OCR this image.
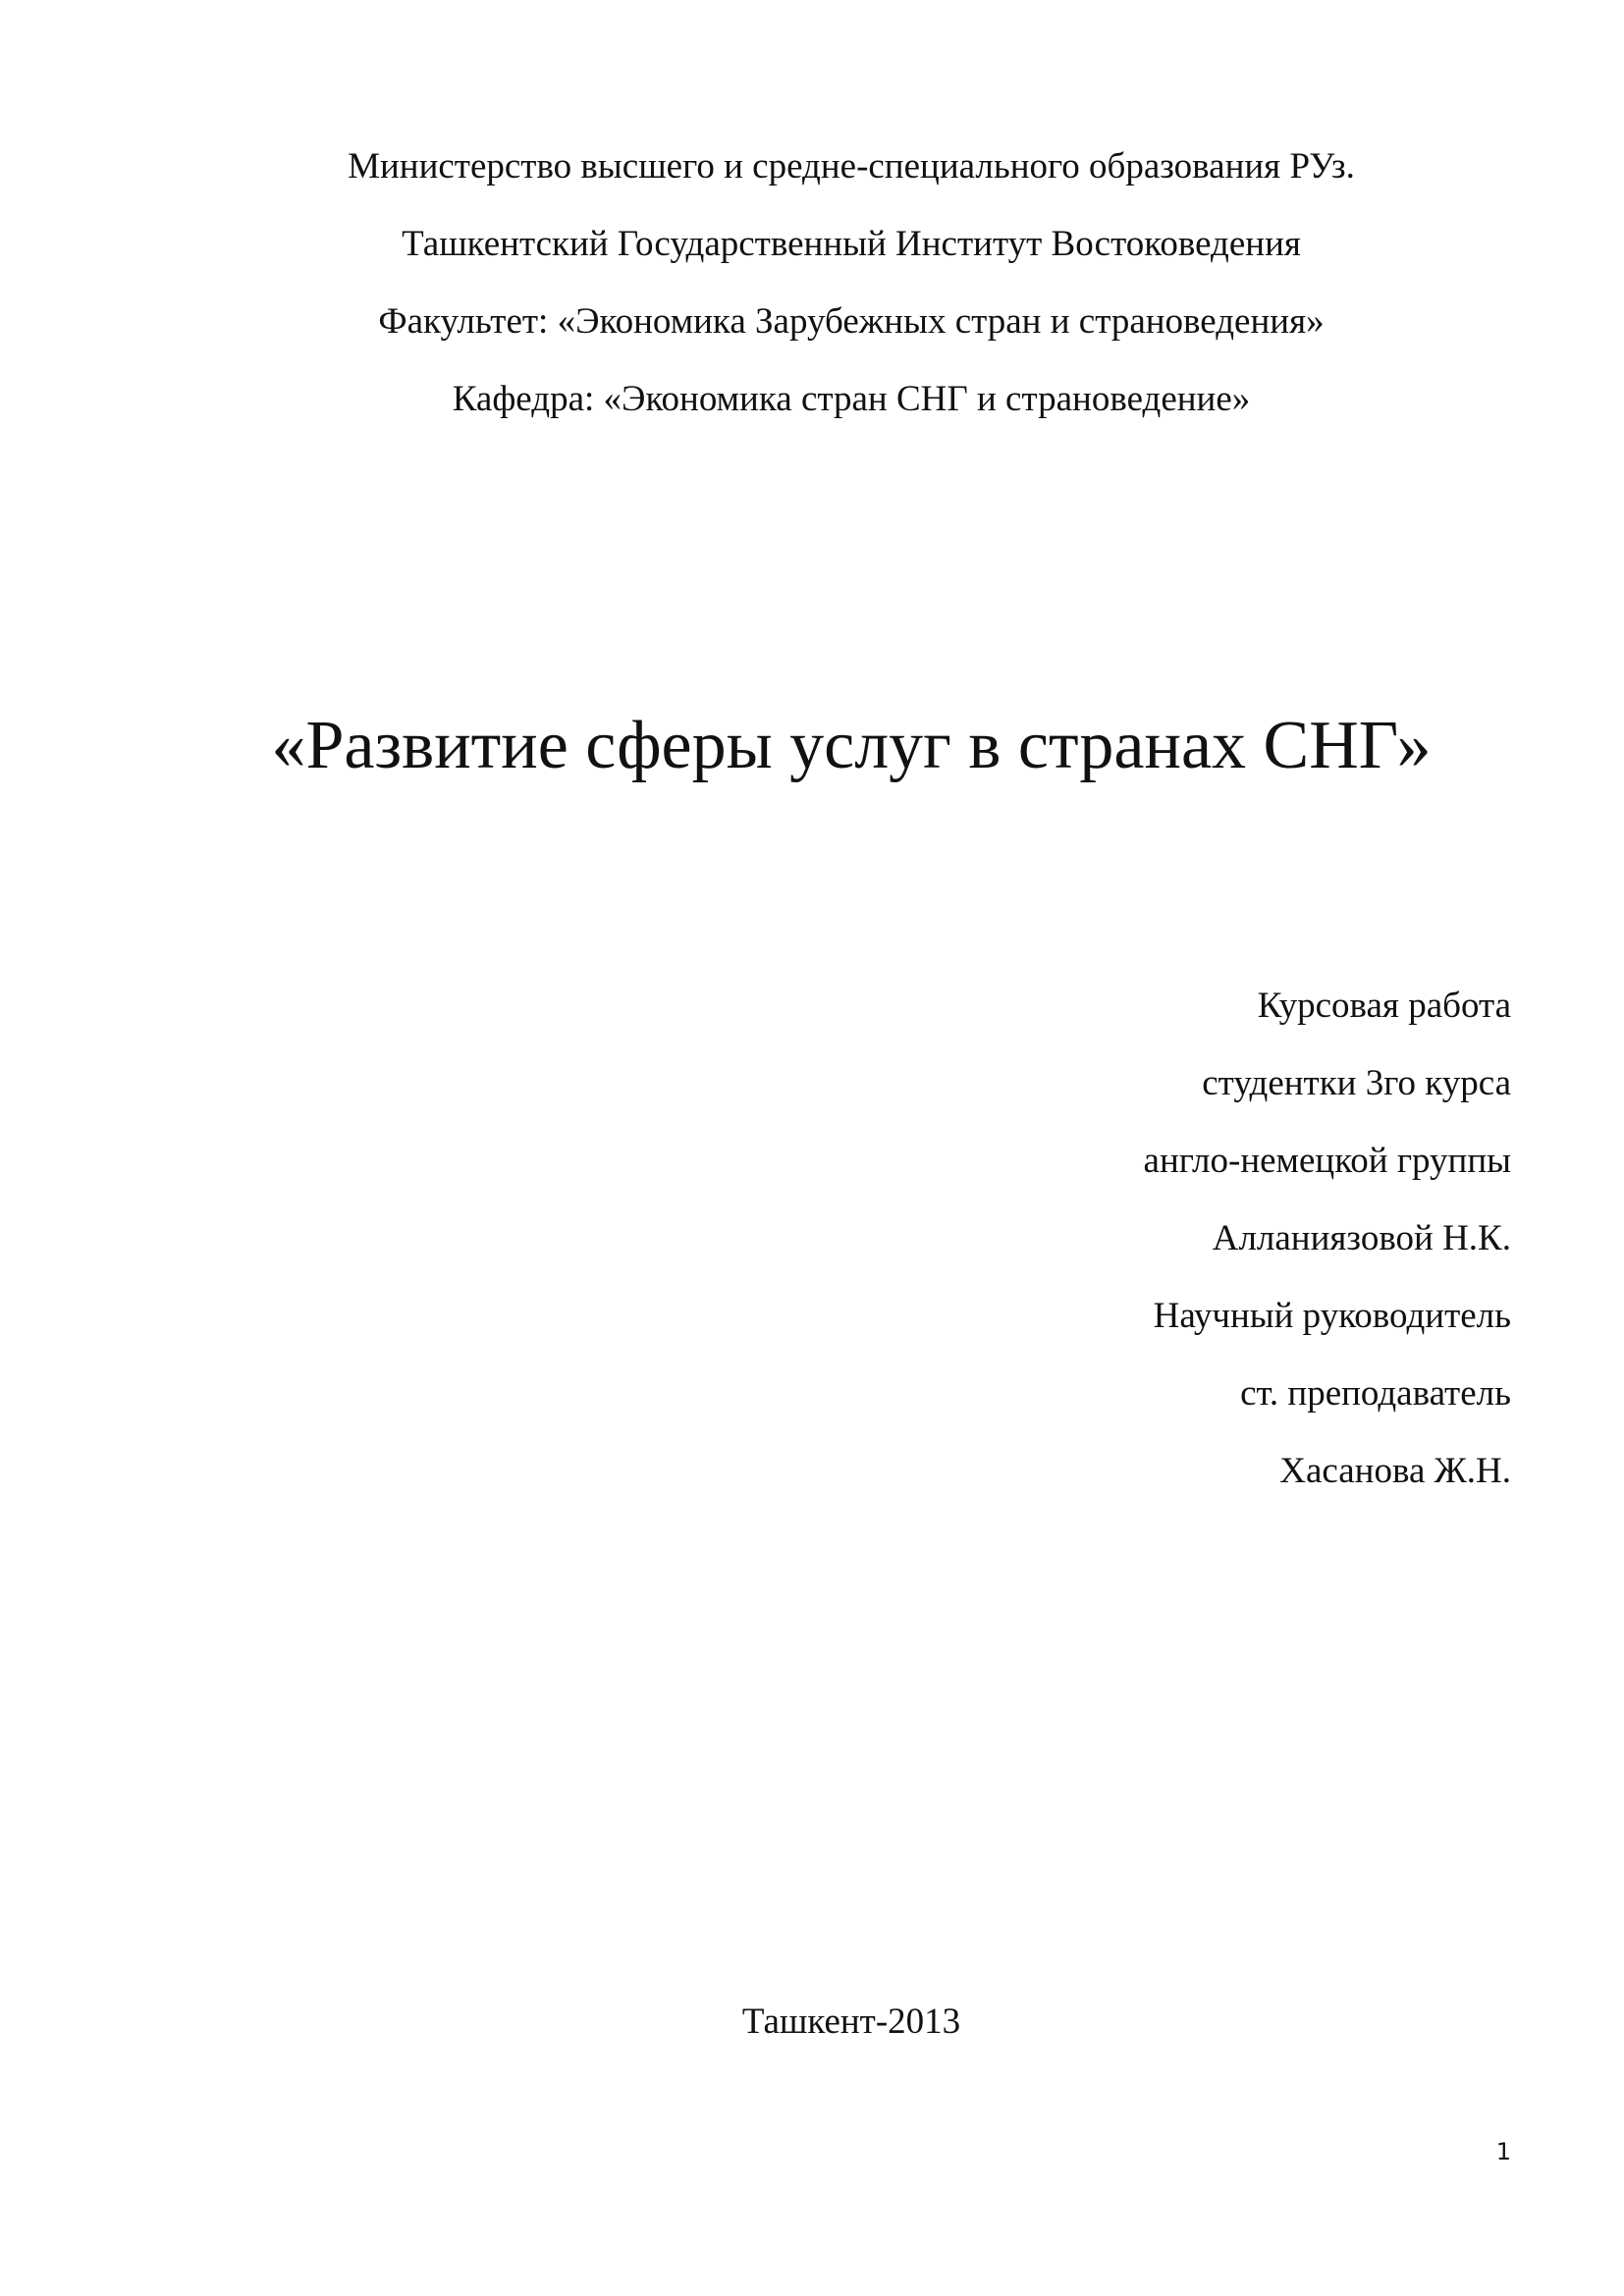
Министерство высшего и средне-специального образования РУз.
Ташкентский Государственный Институт Востоковедения
Факультет: «Экономика Зарубежных стран и страноведения»
Кафедра: «Экономика стран СНГ и страноведение»
«Развитие сферы услуг в странах СНГ»
Курсовая работа
студентки 3го курса
англо-немецкой группы
Алланиязовой Н.К.
Научный руководитель
ст. преподаватель
Хасанова Ж.Н.
Ташкент-2013
1
